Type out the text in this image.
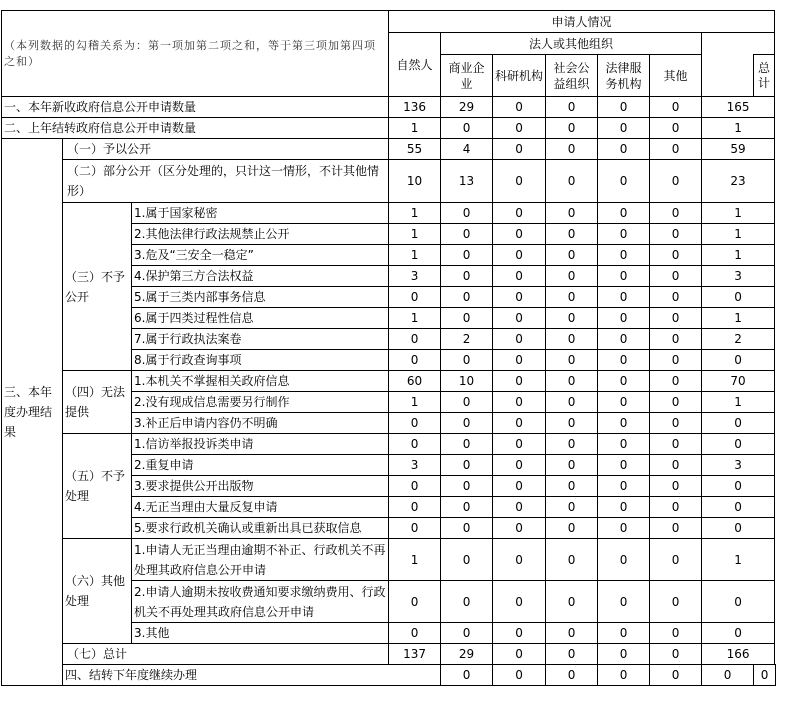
（本列数据的勾稽关系为：第一项加第二项之和，等于第三项加第四项之和）			申请人情况							
			自然人	法人或其他组织						
				商业企业	科研机构	社会公益组织	法律服务机构	其他		总计
一、本年新收政府信息公开申请数量			136	29	0	0	0	0	165	
二、上年结转政府信息公开申请数量			1	0	0	0	0	0	1	
三、本年度办理结果	（一）予以公开		55	4	0	0	0	0	59	
	（二）部分公开（区分处理的，只计这一情形，不计其他情形）		10	13	0	0	0	0	23	
	（三）不予公开	1.属于国家秘密	1	0	0	0	0	0	1	
		2.其他法律行政法规禁止公开	1	0	0	0	0	0	1	
		3.危及“三安全一稳定”	1	0	0	0	0	0	1	
		4.保护第三方合法权益	3	0	0	0	0	0	3	
		5.属于三类内部事务信息	0	0	0	0	0	0	0	
		6.属于四类过程性信息	1	0	0	0	0	0	1	
		7.属于行政执法案卷	0	2	0	0	0	0	2	
		8.属于行政查询事项	0	0	0	0	0	0	0	
	（四）无法提供	1.本机关不掌握相关政府信息	60	10	0	0	0	0	70	
		2.没有现成信息需要另行制作	1	0	0	0	0	0	1	
		3.补正后申请内容仍不明确	0	0	0	0	0	0	0	
	（五）不予处理	1.信访举报投诉类申请	0	0	0	0	0	0	0	
		2.重复申请	3	0	0	0	0	0	3	
		3.要求提供公开出版物	0	0	0	0	0	0	0	
		4.无正当理由大量反复申请	0	0	0	0	0	0	0	
		5.要求行政机关确认或重新出具已获取信息	0	0	0	0	0	0	0	
	（六）其他处理	1.申请人无正当理由逾期不补正、行政机关不再处理其政府信息公开申请	1	0	0	0	0	0	1	
		2.申请人逾期未按收费通知要求缴纳费用、行政机关不再处理其政府信息公开申请	0	0	0	0	0	0	0	
		3.其他	0	0	0	0	0	0	0	
	（七）总计		137	29	0	0	0	0	166	
	四、结转下年度继续办理			0	0	0	0	0	0	0
